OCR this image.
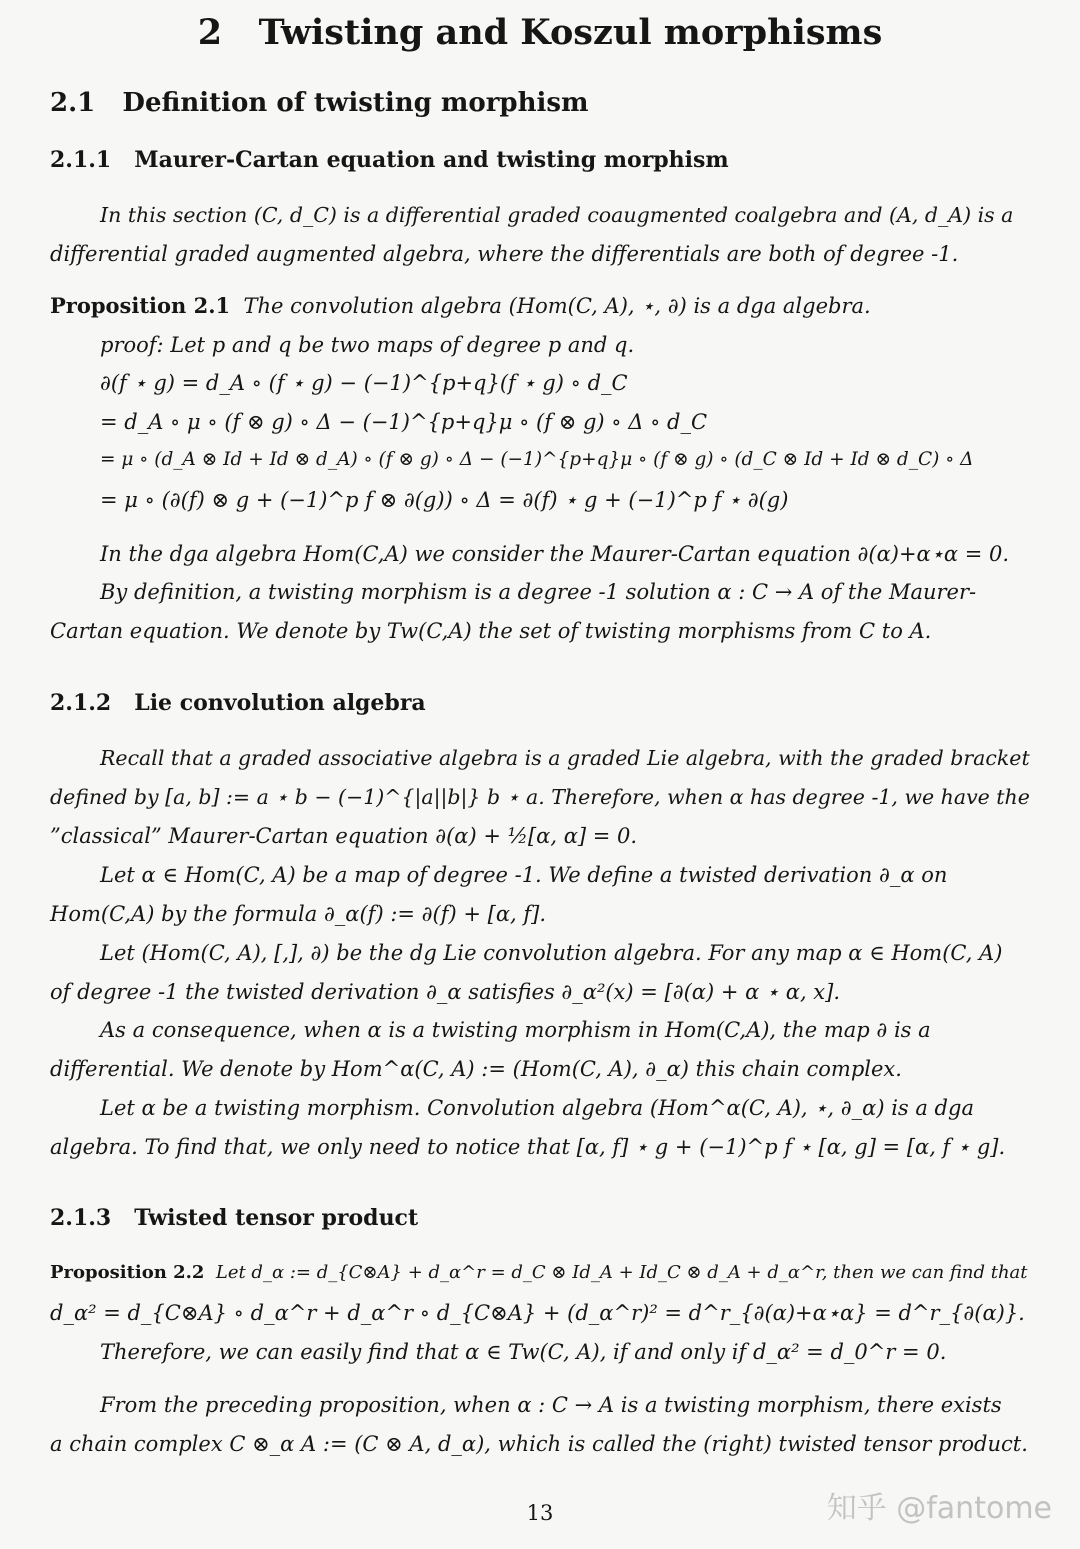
2 Twisting and Koszul morphisms
2.1 Definition of twisting morphism
2.1.1 Maurer-Cartan equation and twisting morphism
In this section (C, d_C) is a differential graded coaugmented coalgebra and (A, d_A) is a
differential graded augmented algebra, where the differentials are both of degree -1.
Proposition 2.1 The convolution algebra (Hom(C, A), ⋆, ∂) is a dga algebra.
proof: Let p and q be two maps of degree p and q.
∂(f ⋆ g) = d_A ∘ (f ⋆ g) − (−1)^{p+q}(f ⋆ g) ∘ d_C
= d_A ∘ μ ∘ (f ⊗ g) ∘ Δ − (−1)^{p+q}μ ∘ (f ⊗ g) ∘ Δ ∘ d_C
= μ ∘ (d_A ⊗ Id + Id ⊗ d_A) ∘ (f ⊗ g) ∘ Δ − (−1)^{p+q}μ ∘ (f ⊗ g) ∘ (d_C ⊗ Id + Id ⊗ d_C) ∘ Δ
= μ ∘ (∂(f) ⊗ g + (−1)^p f ⊗ ∂(g)) ∘ Δ = ∂(f) ⋆ g + (−1)^p f ⋆ ∂(g)
In the dga algebra Hom(C,A) we consider the Maurer-Cartan equation ∂(α)+α⋆α = 0.
By definition, a twisting morphism is a degree -1 solution α : C → A of the Maurer-
Cartan equation. We denote by Tw(C,A) the set of twisting morphisms from C to A.
2.1.2 Lie convolution algebra
Recall that a graded associative algebra is a graded Lie algebra, with the graded bracket
defined by [a, b] := a ⋆ b − (−1)^{|a||b|} b ⋆ a. Therefore, when α has degree -1, we have the
”classical” Maurer-Cartan equation ∂(α) + ½[α, α] = 0.
Let α ∈ Hom(C, A) be a map of degree -1. We define a twisted derivation ∂_α on
Hom(C,A) by the formula ∂_α(f) := ∂(f) + [α, f].
Let (Hom(C, A), [,], ∂) be the dg Lie convolution algebra. For any map α ∈ Hom(C, A)
of degree -1 the twisted derivation ∂_α satisfies ∂_α²(x) = [∂(α) + α ⋆ α, x].
As a consequence, when α is a twisting morphism in Hom(C,A), the map ∂ is a
differential. We denote by Hom^α(C, A) := (Hom(C, A), ∂_α) this chain complex.
Let α be a twisting morphism. Convolution algebra (Hom^α(C, A), ⋆, ∂_α) is a dga
algebra. To find that, we only need to notice that [α, f] ⋆ g + (−1)^p f ⋆ [α, g] = [α, f ⋆ g].
2.1.3 Twisted tensor product
Proposition 2.2 Let d_α := d_{C⊗A} + d_α^r = d_C ⊗ Id_A + Id_C ⊗ d_A + d_α^r, then we can find that
d_α² = d_{C⊗A} ∘ d_α^r + d_α^r ∘ d_{C⊗A} + (d_α^r)² = d^r_{∂(α)+α⋆α} = d^r_{∂(α)}.
Therefore, we can easily find that α ∈ Tw(C, A), if and only if d_α² = d_0^r = 0.
From the preceding proposition, when α : C → A is a twisting morphism, there exists
a chain complex C ⊗_α A := (C ⊗ A, d_α), which is called the (right) twisted tensor product.
13	知乎 @fantome
